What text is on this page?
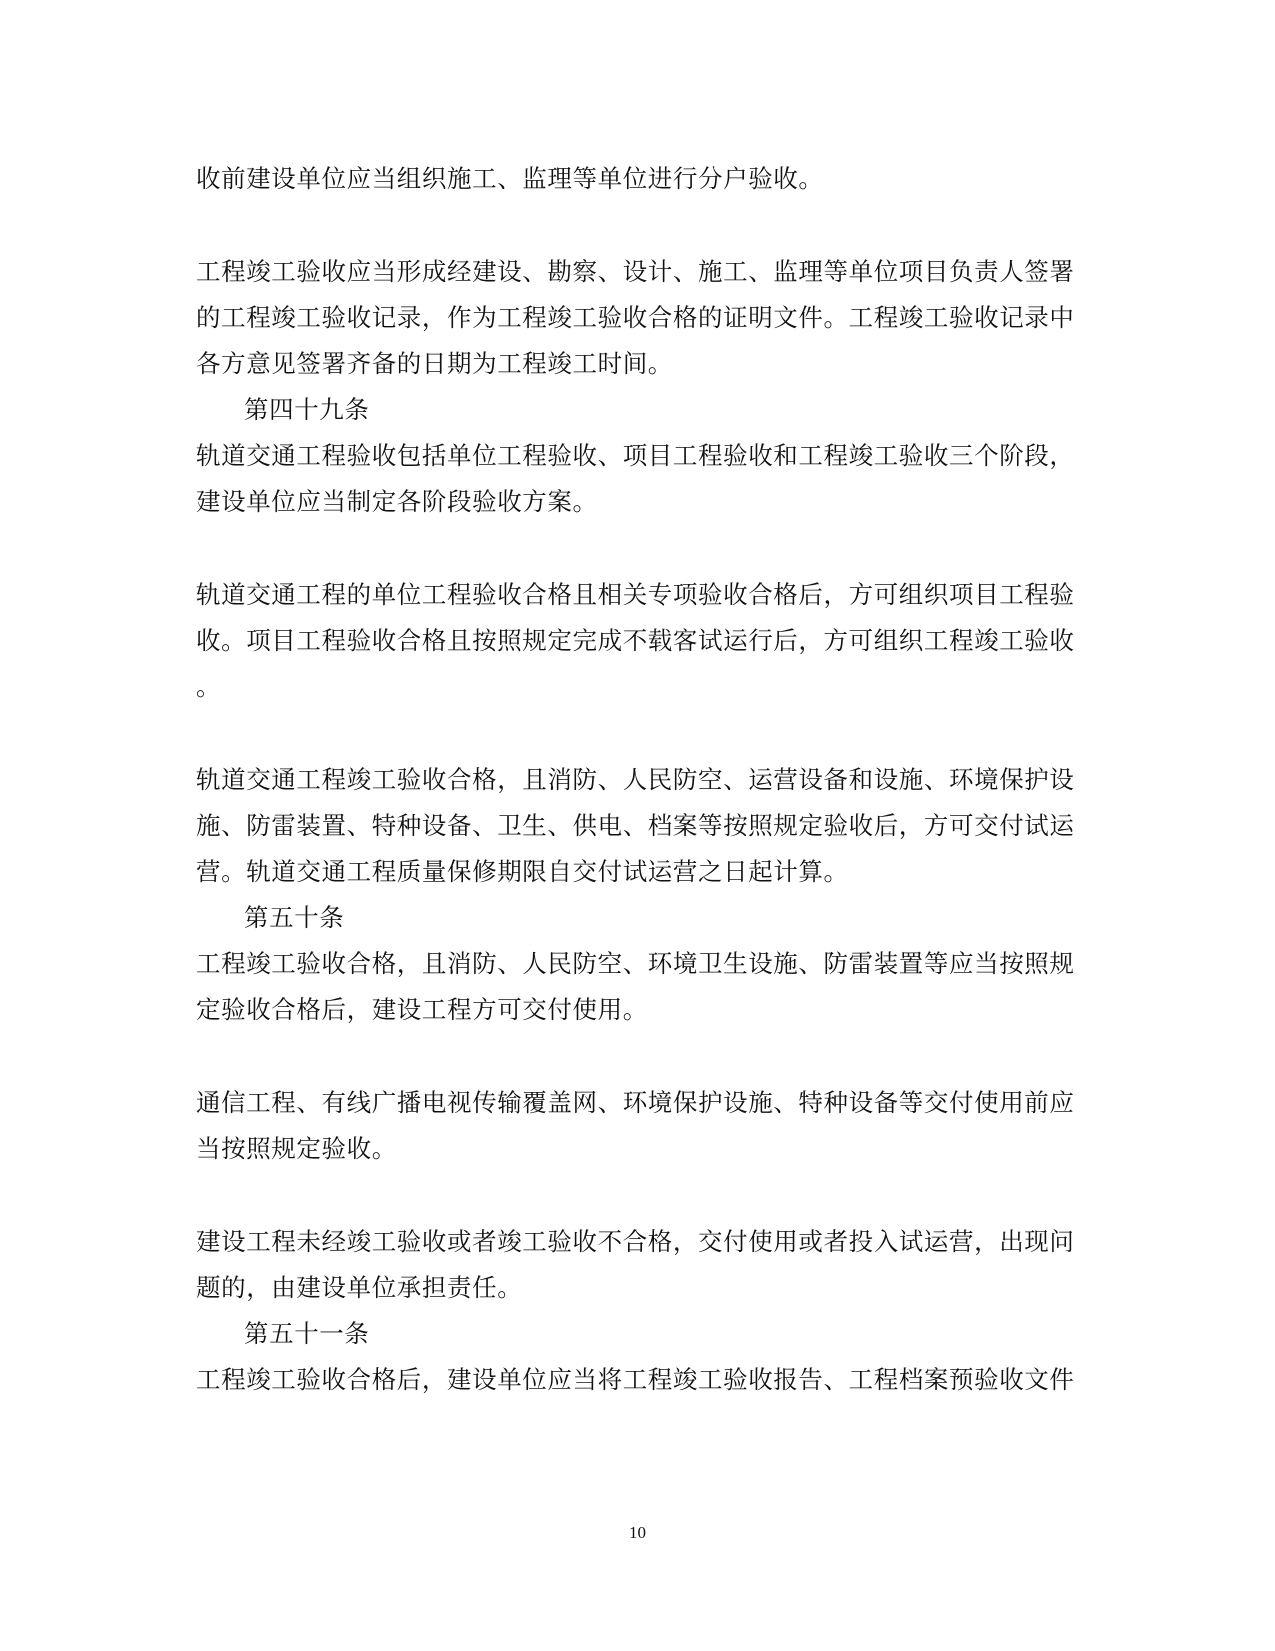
收前建设单位应当组织施工、监理等单位进行分户验收。
工程竣工验收应当形成经建设、勘察、设计、施工、监理等单位项目负责人签署
的工程竣工验收记录，作为工程竣工验收合格的证明文件。工程竣工验收记录中
各方意见签署齐备的日期为工程竣工时间。
第四十九条
轨道交通工程验收包括单位工程验收、项目工程验收和工程竣工验收三个阶段，
建设单位应当制定各阶段验收方案。
轨道交通工程的单位工程验收合格且相关专项验收合格后，方可组织项目工程验
收。项目工程验收合格且按照规定完成不载客试运行后，方可组织工程竣工验收
。
轨道交通工程竣工验收合格，且消防、人民防空、运营设备和设施、环境保护设
施、防雷装置、特种设备、卫生、供电、档案等按照规定验收后，方可交付试运
营。轨道交通工程质量保修期限自交付试运营之日起计算。
第五十条
工程竣工验收合格，且消防、人民防空、环境卫生设施、防雷装置等应当按照规
定验收合格后，建设工程方可交付使用。
通信工程、有线广播电视传输覆盖网、环境保护设施、特种设备等交付使用前应
当按照规定验收。
建设工程未经竣工验收或者竣工验收不合格，交付使用或者投入试运营，出现问
题的，由建设单位承担责任。
第五十一条
工程竣工验收合格后，建设单位应当将工程竣工验收报告、工程档案预验收文件
10
